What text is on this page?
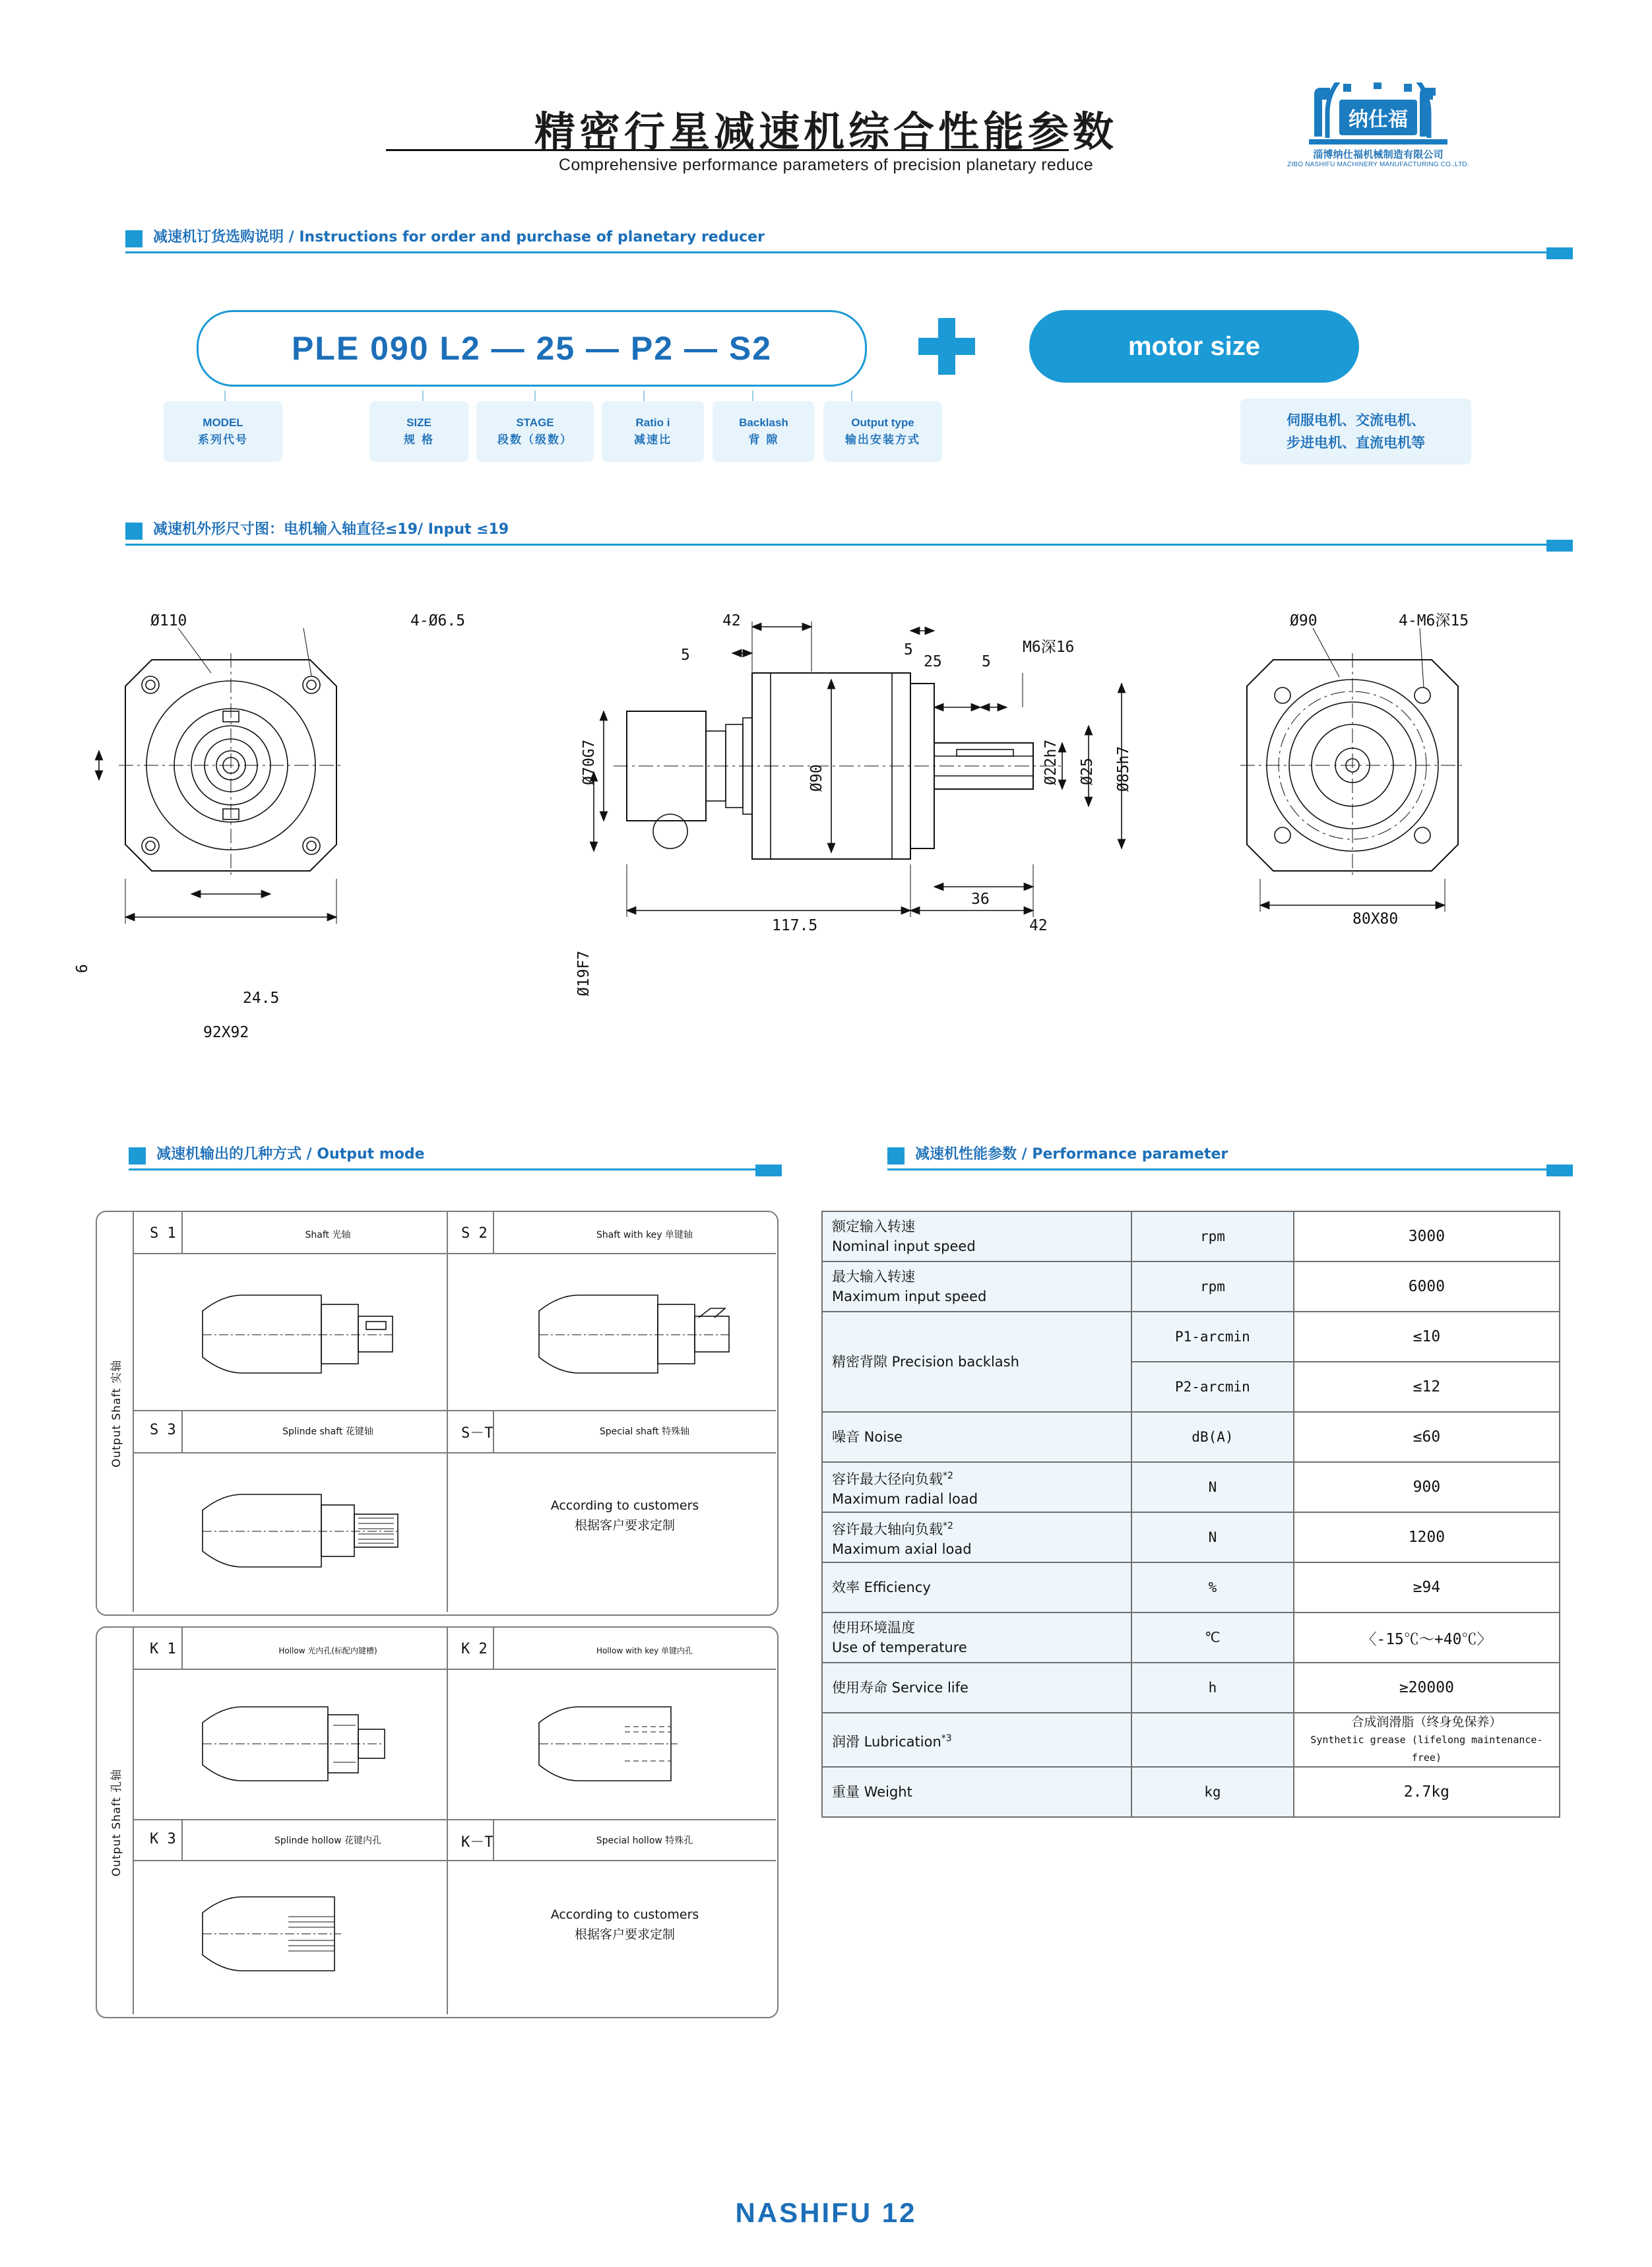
精密行星减速机综合性能参数
Comprehensive performance parameters of precision planetary reduce
纳仕福
淄博纳仕福机械制造有限公司
ZIBO NASHIFU MACHINERY MANUFACTURING CO.,LTD.
减速机订货选购说明 / Instructions for order and purchase of planetary reducer
PLE 090 L2 — 25 — P2 — S2	motor size
MODEL
系列代号
SIZE
规 格
STAGE
段数（级数）
Ratio i
减速比
Backlash
背 隙
Output type
输出安装方式
伺服电机、交流电机、
步进电机、直流电机等
减速机外形尺寸图：电机输入轴直径≤19/ Input ≤19
Ø110	4-Ø6.5
24.5
92X92
6
42
5	5
Ø19F7
Ø70G7	Ø90
M6深16
25	5
Ø22h7 Ø25 Ø85h7
117.5
36
42
Ø90	4-M6深15
80X80
减速机输出的几种方式 / Output mode	减速机性能参数 / Performance parameter
Output Shaft 实轴
S 1	Shaft 光轴	S 2	Shaft with key 单键轴
S 3	Splinde shaft 花键轴	S－T	Special shaft 特殊轴
According to customers
根据客户要求定制
Output Shaft 孔轴
K 1	Hollow 光内孔(标配内键槽)	K 2	Hollow with key 单键内孔
K 3	Splinde hollow 花键内孔	K－T	Special hollow 特殊孔
According to customers
根据客户要求定制
额定输入转速
Nominal input speed	rpm	3000
最大输入转速
Maximum input speed	rpm	6000
精密背隙 Precision backlash	P1-arcmin	≤10
	P2-arcmin	≤12
噪音 Noise	dB(A)	≤60
容许最大径向负载$^{*2}$
Maximum radial load	N	900
容许最大轴向负载$^{*2}$
Maximum axial load	N	1200
效率 Efficiency	%	≥94
使用环境温度
Use of temperature	℃	〈-15℃～+40℃〉
使用寿命 Service life	h	≥20000
润滑 Lubrication$^{*3}$		合成润滑脂（终身免保养）
Synthetic grease (lifelong maintenance-free)
重量 Weight	kg	2.7kg
NASHIFU 12
